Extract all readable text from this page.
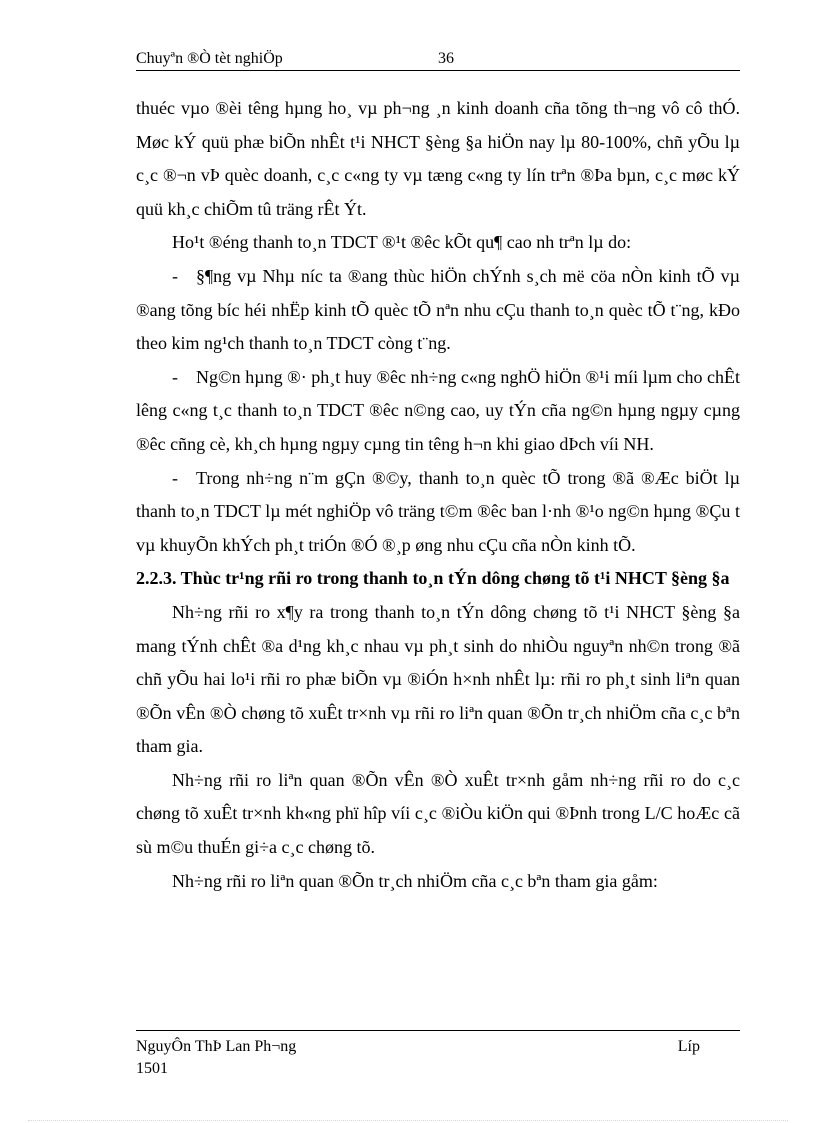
Chuyªn ®Ò tèt nghiÖp	36

thuéc vµo ®èi têng hµng ho¸ vµ ph¬ng ¸n kinh doanh cña tõng th¬ng vô cô thÓ. Møc kÝ quü phæ biÕn nhÊt t¹i NHCT §èng §a hiÖn nay lµ 80-100%, chñ yÕu lµ c¸c ®¬n vÞ quèc doanh, c¸c c«ng ty vµ tæng c«ng ty lín trªn ®Þa bµn, c¸c møc kÝ quü kh¸c chiÕm tû träng rÊt Ýt.

Ho¹t ®éng thanh to¸n TDCT ®¹t ®êc kÕt qu¶ cao nh trªn lµ do:

- §¶ng vµ Nhµ níc ta ®ang thùc hiÖn chÝnh s¸ch më cöa nÒn kinh tÕ vµ ®ang tõng bíc héi nhËp kinh tÕ quèc tÕ nªn nhu cÇu thanh to¸n quèc tÕ t¨ng, kÐo theo kim ng¹ch thanh to¸n TDCT còng t¨ng.

- Ng©n hµng ®· ph¸t huy ®êc nh÷ng c«ng nghÖ hiÖn ®¹i míi lµm cho chÊt lêng c«ng t¸c thanh to¸n TDCT ®êc n©ng cao, uy tÝn cña ng©n hµng ngµy cµng ®êc cñng cè, kh¸ch hµng ngµy cµng tin têng h¬n khi giao dÞch víi NH.

- Trong nh÷ng n¨m gÇn ®©y, thanh to¸n quèc tÕ trong ®ã ®Æc biÖt lµ thanh to¸n TDCT lµ mét nghiÖp vô träng t©m ®êc ban l·nh ®¹o ng©n hµng ®Çu t vµ khuyÕn khÝch ph¸t triÓn ®Ó ®¸p øng nhu cÇu cña nÒn kinh tÕ.

2.2.3. Thùc tr¹ng rñi ro trong thanh to¸n tÝn dông chøng tõ t¹i NHCT §èng §a

Nh÷ng rñi ro x¶y ra trong thanh to¸n tÝn dông chøng tõ t¹i NHCT §èng §a mang tÝnh chÊt ®a d¹ng kh¸c nhau vµ ph¸t sinh do nhiÒu nguyªn nh©n trong ®ã chñ yÕu hai lo¹i rñi ro phæ biÕn vµ ®iÓn h×nh nhÊt lµ: rñi ro ph¸t sinh liªn quan ®Õn vÊn ®Ò chøng tõ xuÊt tr×nh vµ rñi ro liªn quan ®Õn tr¸ch nhiÖm cña c¸c bªn tham gia.

Nh÷ng rñi ro liªn quan ®Õn vÊn ®Ò xuÊt tr×nh gåm nh÷ng rñi ro do c¸c chøng tõ xuÊt tr×nh kh«ng phï hîp víi c¸c ®iÒu kiÖn qui ®Þnh trong L/C hoÆc cã sù m©u thuÉn gi÷a c¸c chøng tõ.

Nh÷ng rñi ro liªn quan ®Õn tr¸ch nhiÖm cña c¸c bªn tham gia gåm:

NguyÔn ThÞ Lan Ph¬ng	Líp
1501
